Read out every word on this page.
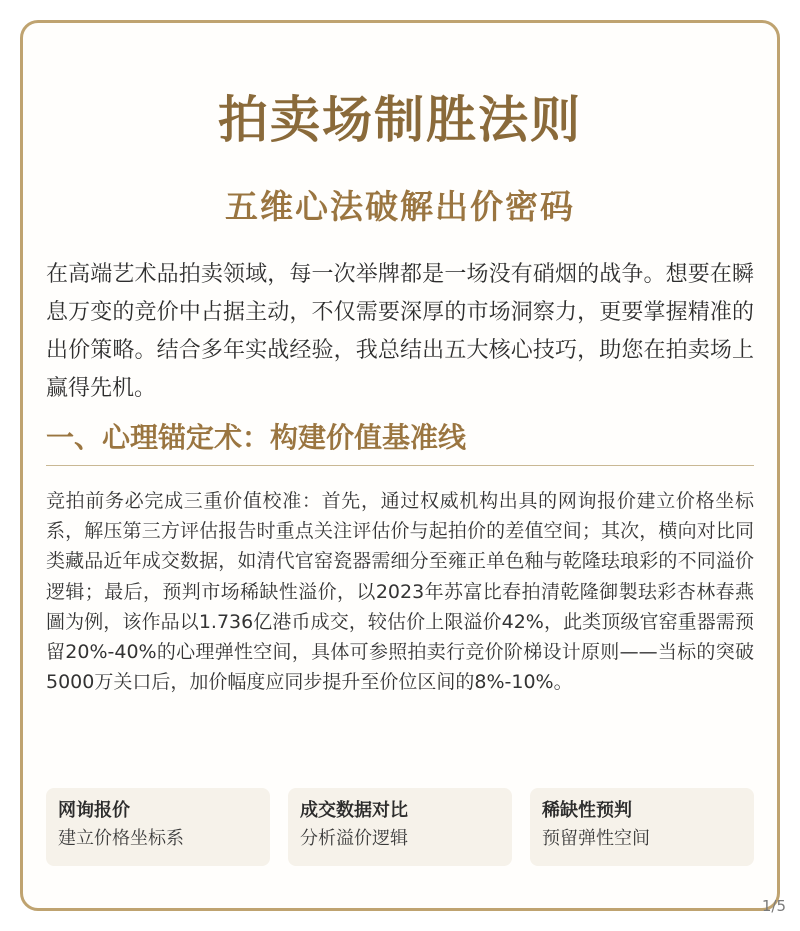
拍卖场制胜法则
五维心法破解出价密码
在高端艺术品拍卖领域，每一次举牌都是一场没有硝烟的战争。想要在瞬息万变的竞价中占据主动，不仅需要深厚的市场洞察力，更要掌握精准的出价策略。结合多年实战经验，我总结出五大核心技巧，助您在拍卖场上赢得先机。
一、心理锚定术：构建价值基准线
竞拍前务必完成三重价值校准：首先，通过权威机构出具的网询报价建立价格坐标系，解压第三方评估报告时重点关注评估价与起拍价的差值空间；其次，横向对比同类藏品近年成交数据，如清代官窑瓷器需细分至雍正单色釉与乾隆珐琅彩的不同溢价逻辑；最后，预判市场稀缺性溢价，以2023年苏富比春拍清乾隆御製珐彩杏林春燕圖为例，该作品以1.736亿港币成交，较估价上限溢价42%，此类顶级官窑重器需预留20%-40%的心理弹性空间，具体可参照拍卖行竞价阶梯设计原则——当标的突破5000万关口后，加价幅度应同步提升至价位区间的8%-10%。
网询报价
建立价格坐标系
成交数据对比
分析溢价逻辑
稀缺性预判
预留弹性空间
1/5
